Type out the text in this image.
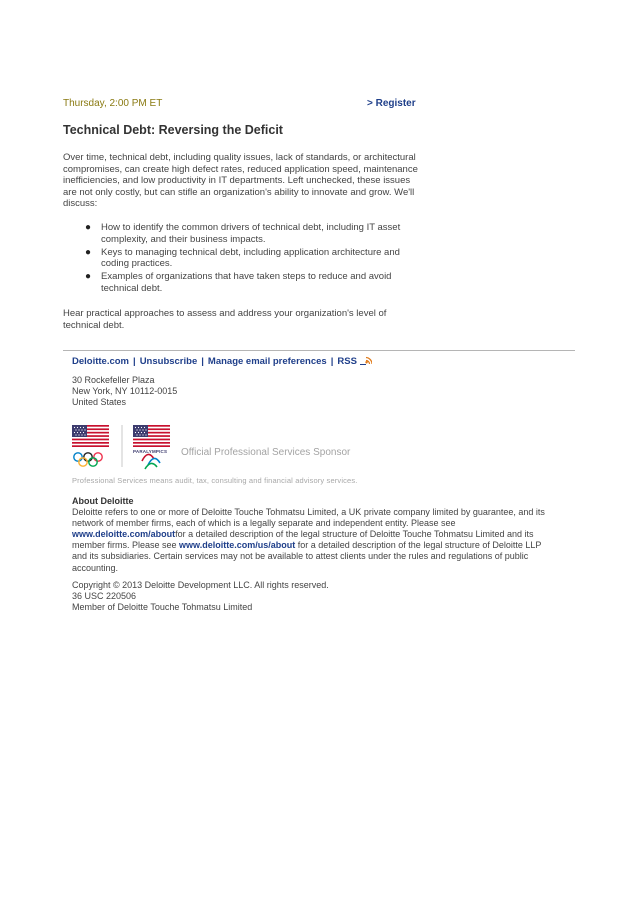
Thursday, 2:00 PM ET	> Register
Technical Debt: Reversing the Deficit

Over time, technical debt, including quality issues, lack of standards, or architectural compromises, can create high defect rates, reduced application speed, maintenance inefficiencies, and low productivity in IT departments. Left unchecked, these issues are not only costly, but can stifle an organization's ability to innovate and grow. We'll discuss:

● How to identify the common drivers of technical debt, including IT asset complexity, and their business impacts.
● Keys to managing technical debt, including application architecture and coding practices.
● Examples of organizations that have taken steps to reduce and avoid technical debt.

Hear practical approaches to assess and address your organization's level of technical debt.

Deloitte.com | Unsubscribe | Manage email preferences | RSS
30 Rockefeller Plaza
New York, NY 10112-0015
United States
PARALYMPICS Official Professional Services Sponsor
Professional Services means audit, tax, consulting and financial advisory services.
About Deloitte
Deloitte refers to one or more of Deloitte Touche Tohmatsu Limited, a UK private company limited by guarantee, and its network of member firms, each of which is a legally separate and independent entity. Please see www.deloitte.com/aboutfor a detailed description of the legal structure of Deloitte Touche Tohmatsu Limited and its member firms. Please see www.deloitte.com/us/about for a detailed description of the legal structure of Deloitte LLP and its subsidiaries. Certain services may not be available to attest clients under the rules and regulations of public accounting.
Copyright © 2013 Deloitte Development LLC. All rights reserved.
36 USC 220506
Member of Deloitte Touche Tohmatsu Limited
